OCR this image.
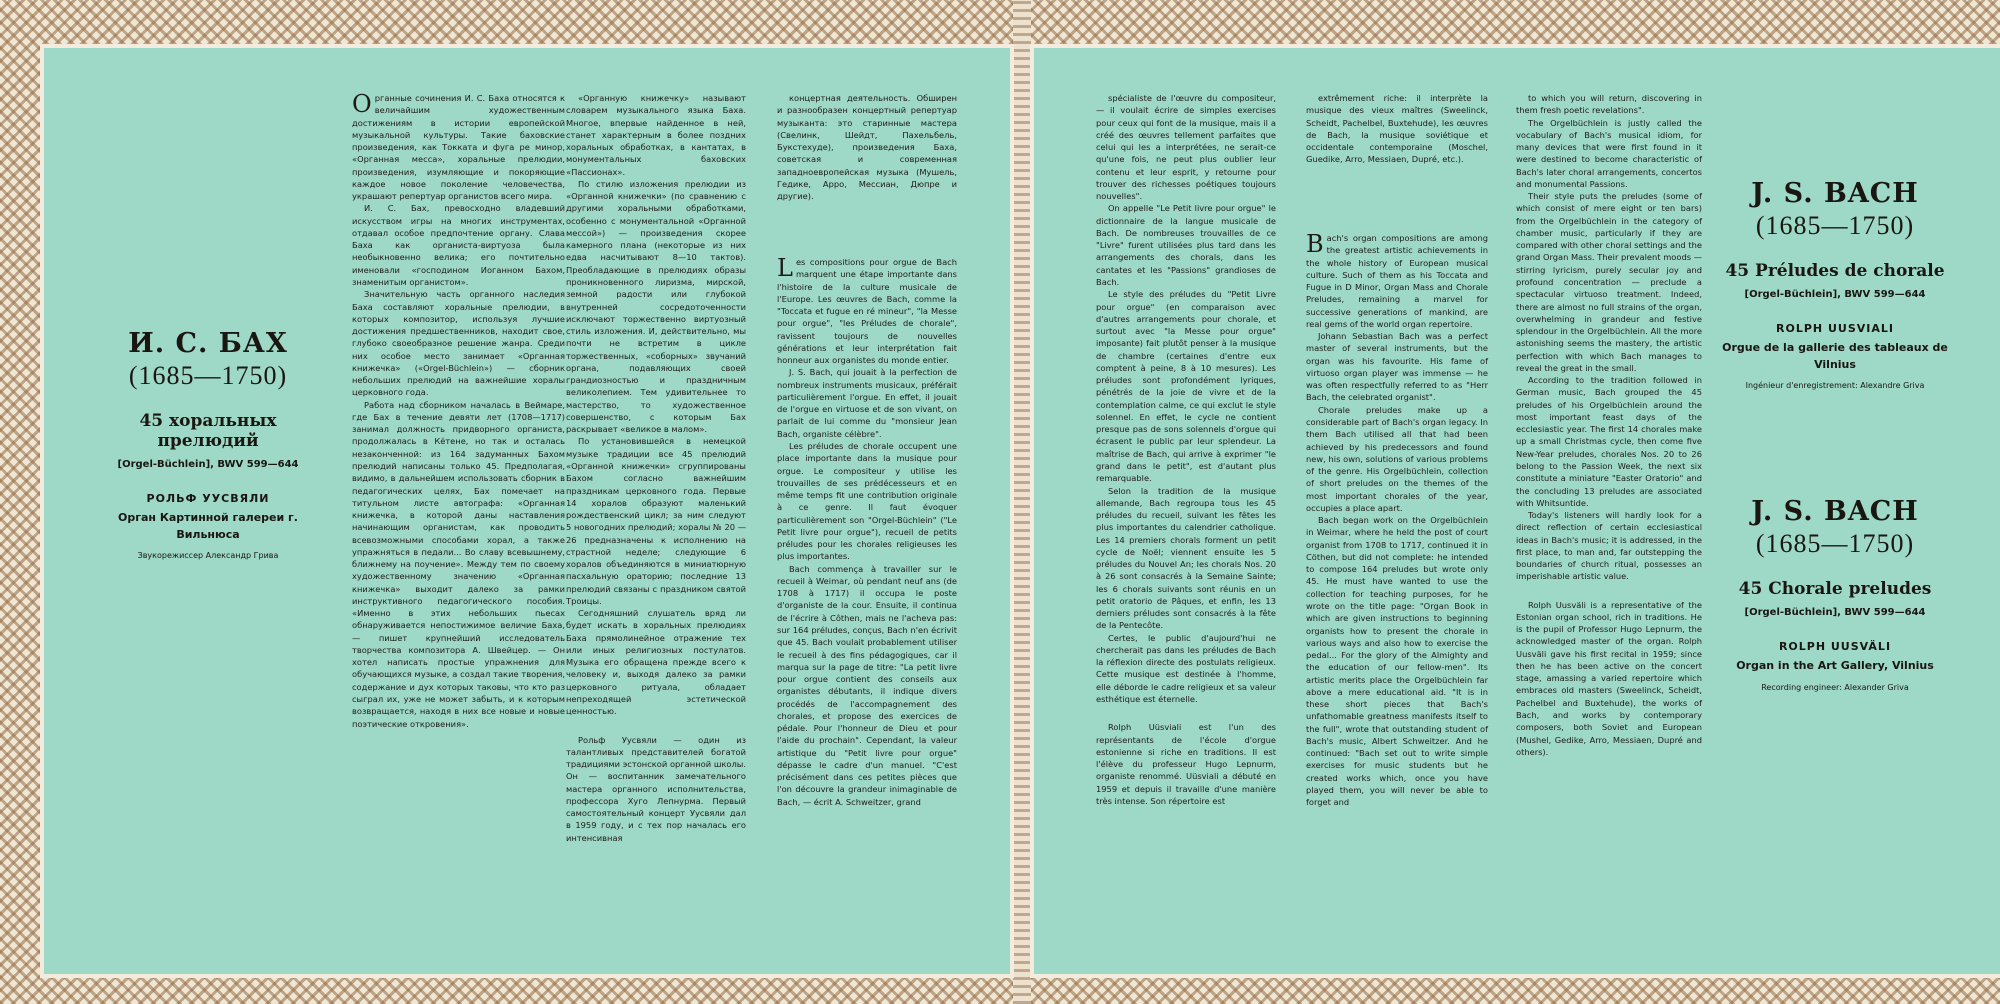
И. С. БАХ
(1685—1750)
45 хоральных прелюдий
[Orgel-Büchlein], BWV 599—644
РОЛЬФ УУСВЯЛИ
Орган Картинной галереи г. Вильнюса
Звукорежиссер Александр Грива

Органные сочинения И. С. Баха относятся к величайшим художественным достижениям в истории европейской музыкальной культуры. Такие баховские произведения, как Токката и фуга ре минор, «Органная месса», хоральные прелюдии, произведения, изумляющие и покоряющие каждое новое поколение человечества, украшают репертуар органистов всего мира.

И. С. Бах, превосходно владевший искусством игры на многих инструментах, отдавал особое предпочтение органу. Слава Баха как органиста-виртуоза была необыкновенно велика; его почтительно именовали «господином Иоганном Бахом, знаменитым органистом».

Значительную часть органного наследия Баха составляют хоральные прелюдии, в которых композитор, используя лучшие достижения предшественников, находит свое, глубоко своеобразное решение жанра. Среди них особое место занимает «Органная книжечка» («Orgel-Büchlein») — сборник небольших прелюдий на важнейшие хоралы церковного года.

Работа над сборником началась в Веймаре, где Бах в течение девяти лет (1708—1717) занимал должность придворного органиста, продолжалась в Кётене, но так и осталась незаконченной: из 164 задуманных Бахом прелюдий написаны только 45. Предполагая, видимо, в дальнейшем использовать сборник в педагогических целях, Бах помечает на титульном листе автографа: «Органная книжечка, в которой даны наставления начинающим органистам, как проводить всевозможными способами хорал, а также упражняться в педали... Во славу всевышнему, ближнему на поучение». Между тем по своему художественному значению «Органная книжечка» выходит далеко за рамки инструктивного педагогического пособия. «Именно в этих небольших пьесах обнаруживается непостижимое величие Баха, — пишет крупнейший исследователь творчества композитора А. Швейцер. — Он хотел написать простые упражнения для обучающихся музыке, а создал такие творения, содержание и дух которых таковы, что кто раз сыграл их, уже не может забыть, и к которым возвращается, находя в них все новые и новые поэтические откровения».

«Органную книжечку» называют словарем музыкального языка Баха. Многое, впервые найденное в ней, станет характерным в более поздних хоральных обработках, в кантатах, в монументальных баховских «Пассионах».

По стилю изложения прелюдии из «Органной книжечки» (по сравнению с другими хоральными обработками, особенно с монументальной «Органной мессой») — произведения скорее камерного плана (некоторые из них едва насчитывают 8—10 тактов). Преобладающие в прелюдиях образы проникновенного лиризма, мирской, земной радости или глубокой внутренней сосредоточенности исключают торжественно виртуозный стиль изложения. И, действительно, мы почти не встретим в цикле торжественных, «соборных» звучаний органа, подавляющих своей грандиозностью и праздничным великолепием. Тем удивительнее то мастерство, то художественное совершенство, с которым Бах раскрывает «великое в малом».

По установившейся в немецкой музыке традиции все 45 прелюдий «Органной книжечки» сгруппированы Бахом согласно важнейшим праздникам церковного года. Первые 14 хоралов образуют маленький рождественский цикл; за ним следуют 5 новогодних прелюдий; хоралы № 20 — 26 предназначены к исполнению на страстной неделе; следующие 6 хоралов объединяются в миниатюрную пасхальную ораторию; последние 13 прелюдий связаны с праздником святой Троицы.

Сегодняшний слушатель вряд ли будет искать в хоральных прелюдиях Баха прямолинейное отражение тех или иных религиозных постулатов. Музыка его обращена прежде всего к человеку и, выходя далеко за рамки церковного ритуала, обладает непреходящей эстетической ценностью.

Рольф Уусвяли — один из талантливых представителей богатой традициями эстонской органной школы. Он — воспитанник замечательного мастера органного исполнительства, профессора Хуго Лепнурма. Первый самостоятельный концерт Уусвяли дал в 1959 году, и с тех пор началась его интенсивная

концертная деятельность. Обширен и разнообразен концертный репертуар музыканта: это старинные мастера (Свелинк, Шейдт, Пахельбель, Букстехуде), произведения Баха, советская и современная западноевропейская музыка (Мушель, Гедике, Арро, Мессиан, Дюпре и другие).

Les compositions pour orgue de Bach marquent une étape importante dans l'histoire de la culture musicale de l'Europe. Les œuvres de Bach, comme la "Toccata et fugue en ré mineur", "la Messe pour orgue", "les Préludes de chorale", ravissent toujours de nouvelles générations et leur interprétation fait honneur aux organistes du monde entier.

J. S. Bach, qui jouait à la perfection de nombreux instruments musicaux, préférait particulièrement l'orgue. En effet, il jouait de l'orgue en virtuose et de son vivant, on parlait de lui comme du "monsieur Jean Bach, organiste célèbre".

Les préludes de chorale occupent une place importante dans la musique pour orgue. Le compositeur y utilise les trouvailles de ses prédécesseurs et en même temps fit une contribution originale à ce genre. Il faut évoquer particulièrement son "Orgel-Büchlein" ("Le Petit livre pour orgue"), recueil de petits préludes pour les chorales religieuses les plus importantes.

Bach commença à travailler sur le recueil à Weimar, où pendant neuf ans (de 1708 à 1717) il occupa le poste d'organiste de la cour. Ensuite, il continua de l'écrire à Côthen, mais ne l'acheva pas: sur 164 préludes, conçus, Bach n'en écrivit que 45. Bach voulait probablement utiliser le recueil à des fins pédagogiques, car il marqua sur la page de titre: "La petit livre pour orgue contient des conseils aux organistes débutants, il indique divers procédés de l'accompagnement des chorales, et propose des exercices de pédale. Pour l'honneur de Dieu et pour l'aide du prochain". Cependant, la valeur artistique du "Petit livre pour orgue" dépasse le cadre d'un manuel. "C'est précisément dans ces petites pièces que l'on découvre la grandeur inimaginable de Bach, — écrit A. Schweitzer, grand

spécialiste de l'œuvre du compositeur, — il voulait écrire de simples exercises pour ceux qui font de la musique, mais il a créé des œuvres tellement parfaites que celui qui les a interprétées, ne serait-ce qu'une fois, ne peut plus oublier leur contenu et leur esprit, y retourne pour trouver des richesses poétiques toujours nouvelles".

On appelle "Le Petit livre pour orgue" le dictionnaire de la langue musicale de Bach. De nombreuses trouvailles de ce "Livre" furent utilisées plus tard dans les arrangements des chorals, dans les cantates et les "Passions" grandioses de Bach.

Le style des préludes du "Petit Livre pour orgue" (en comparaison avec d'autres arrangements pour chorale, et surtout avec "la Messe pour orgue" imposante) fait plutôt penser à la musique de chambre (certaines d'entre eux comptent à peine, 8 à 10 mesures). Les préludes sont profondément lyriques, pénétrés de la joie de vivre et de la contemplation calme, ce qui exclut le style solennel. En effet, le cycle ne contient presque pas de sons solennels d'orgue qui écrasent le public par leur splendeur. La maîtrise de Bach, qui arrive à exprimer "le grand dans le petit", est d'autant plus remarquable.

Selon la tradition de la musique allemande, Bach regroupa tous les 45 préludes du recueil, suivant les fêtes les plus importantes du calendrier catholique. Les 14 premiers chorals forment un petit cycle de Noël; viennent ensuite les 5 préludes du Nouvel An; les chorals Nos. 20 à 26 sont consacrés à la Semaine Sainte; les 6 chorals suivants sont réunis en un petit oratorio de Pâques, et enfin, les 13 derniers préludes sont consacrés à la fête de la Pentecôte.

Certes, le public d'aujourd'hui ne chercherait pas dans les préludes de Bach la réflexion directe des postulats religieux. Cette musique est destinée à l'homme, elle déborde le cadre religieux et sa valeur esthétique est éternelle.

Rolph Uüsviali est l'un des représentants de l'école d'orgue estonienne si riche en traditions. Il est l'élève du professeur Hugo Lepnurm, organiste renommé. Uüsviali a débuté en 1959 et depuis il travaille d'une manière très intense. Son répertoire est

extrêmement riche: il interprète la musique des vieux maîtres (Sweelinck, Scheidt, Pachelbel, Buxtehude), les œuvres de Bach, la musique soviétique et occidentale contemporaine (Moschel, Guedike, Arro, Messiaen, Dupré, etc.).

Bach's organ compositions are among the greatest artistic achievements in the whole history of European musical culture. Such of them as his Toccata and Fugue in D Minor, Organ Mass and Chorale Preludes, remaining a marvel for successive generations of mankind, are real gems of the world organ repertoire.

Johann Sebastian Bach was a perfect master of several instruments, but the organ was his favourite. His fame of virtuoso organ player was immense — he was often respectfully referred to as "Herr Bach, the celebrated organist".

Chorale preludes make up a considerable part of Bach's organ legacy. In them Bach utilised all that had been achieved by his predecessors and found new, his own, solutions of various problems of the genre. His Orgelbüchlein, collection of short preludes on the themes of the most important chorales of the year, occupies a place apart.

Bach began work on the Orgelbüchlein in Weimar, where he held the post of court organist from 1708 to 1717, continued it in Cöthen, but did not complete: he intended to compose 164 preludes but wrote only 45. He must have wanted to use the collection for teaching purposes, for he wrote on the title page: "Organ Book in which are given instructions to beginning organists how to present the chorale in various ways and also how to exercise the pedal... For the glory of the Almighty and the education of our fellow-men". Its artistic merits place the Orgelbüchlein far above a mere educational aid. "It is in these short pieces that Bach's unfathomable greatness manifests itself to the full", wrote that outstanding student of Bach's music, Albert Schweitzer. And he continued: "Bach set out to write simple exercises for music students but he created works which, once you have played them, you will never be able to forget and

to which you will return, discovering in them fresh poetic revelations".

The Orgelbüchlein is justly called the vocabulary of Bach's musical idiom, for many devices that were first found in it were destined to become characteristic of Bach's later choral arrangements, concertos and monumental Passions.

Their style puts the preludes (some of which consist of mere eight or ten bars) from the Orgelbüchlein in the category of chamber music, particularly if they are compared with other choral settings and the grand Organ Mass. Their prevalent moods — stirring lyricism, purely secular joy and profound concentration — preclude a spectacular virtuoso treatment. Indeed, there are almost no full strains of the organ, overwhelming in grandeur and festive splendour in the Orgelbüchlein. All the more astonishing seems the mastery, the artistic perfection with which Bach manages to reveal the great in the small.

According to the tradition followed in German music, Bach grouped the 45 preludes of his Orgelbüchlein around the most important feast days of the ecclesiastic year. The first 14 chorales make up a small Christmas cycle, then come five New-Year preludes, chorales Nos. 20 to 26 belong to the Passion Week, the next six constitute a miniature "Easter Oratorio" and the concluding 13 preludes are associated with Whitsuntide.

Today's listeners will hardly look for a direct reflection of certain ecclesiastical ideas in Bach's music; it is addressed, in the first place, to man and, far outstepping the boundaries of church ritual, possesses an imperishable artistic value.

Rolph Uusväli is a representative of the Estonian organ school, rich in traditions. He is the pupil of Professor Hugo Lepnurm, the acknowledged master of the organ. Rolph Uusväli gave his first recital in 1959; since then he has been active on the concert stage, amassing a varied repertoire which embraces old masters (Sweelinck, Scheidt, Pachelbel and Buxtehude), the works of Bach, and works by contemporary composers, both Soviet and European (Mushel, Gedike, Arro, Messiaen, Dupré and others).

J. S. BACH
(1685—1750)
45 Préludes de chorale
[Orgel-Büchlein], BWV 599—644
ROLPH UUSVIALI
Orgue de la gallerie des tableaux de Vilnius
Ingénieur d'enregistrement: Alexandre Griva
J. S. BACH
(1685—1750)
45 Chorale preludes
[Orgel-Büchlein], BWV 599—644
ROLPH UUSVÄLI
Organ in the Art Gallery, Vilnius
Recording engineer: Alexander Griva
